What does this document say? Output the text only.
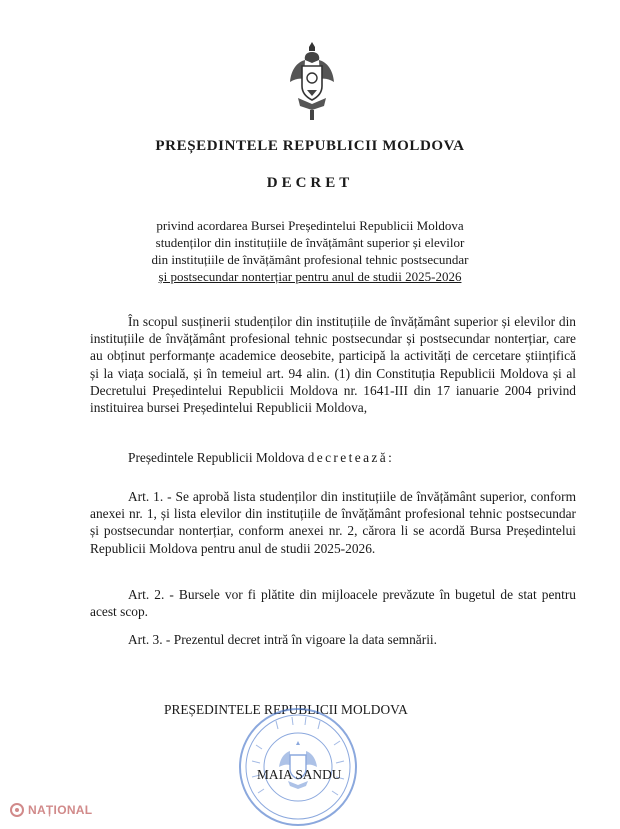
PREȘEDINTELE REPUBLICII MOLDOVA
DECRET
privind acordarea Bursei Președintelui Republicii Moldova
studenților din instituțiile de învățământ superior și elevilor
din instituțiile de învățământ profesional tehnic postsecundar
și postsecundar nonterțiar pentru anul de studii 2025-2026
În scopul susținerii studenților din instituțiile de învățământ superior și elevilor din instituțiile de învățământ profesional tehnic postsecundar și postsecundar nonterțiar, care au obținut performanțe academice deosebite, participă la activități de cercetare științifică și la viața socială, și în temeiul art. 94 alin. (1) din Constituția Republicii Moldova și al Decretului Președintelui Republicii Moldova nr. 1641-III din 17 ianuarie 2004 privind instituirea bursei Președintelui Republicii Moldova,
Președintele Republicii Moldova decretează:
Art. 1. - Se aprobă lista studenților din instituțiile de învățământ superior, conform anexei nr. 1, și lista elevilor din instituțiile de învățământ profesional tehnic postsecundar și postsecundar nonterțiar, conform anexei nr. 2, cărora li se acordă Bursa Președintelui Republicii Moldova pentru anul de studii 2025-2026.
Art. 2. - Bursele vor fi plătite din mijloacele prevăzute în bugetul de stat pentru acest scop.
Art. 3. - Prezentul decret intră în vigoare la data semnării.
PREȘEDINTELE REPUBLICII MOLDOVA
MAIA SANDU
NAȚIONAL
